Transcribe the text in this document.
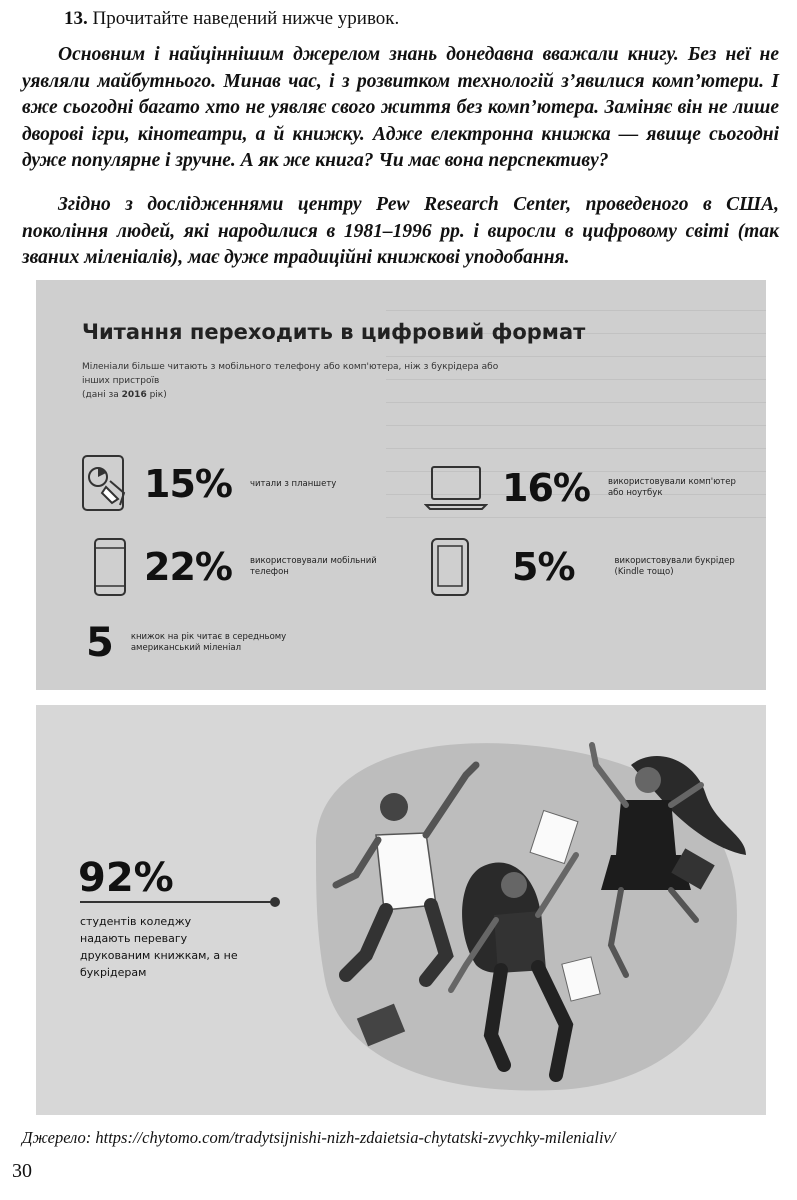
13. Прочитайте наведений нижче уривок.

Основним і найціннішим джерелом знань донедавна вважали книгу. Без неї не уявляли майбутнього. Минав час, і з розвитком технологій з’явилися комп’ютери. І вже сьогодні багато хто не уявляє свого життя без комп’ютера. Заміняє він не лише дворові ігри, кінотеатри, а й книжку. Адже електронна книжка — явище сьогодні дуже популярне і зручне. А як же книга? Чи має вона перспективу?

Згідно з дослідженнями центру Pew Research Center, проведеного в США, покоління людей, які народилися в 1981–1996 рр. і виросли в цифровому світі (так званих міленіалів), має дуже традиційні книжкові уподобання.

Читання переходить в цифровий формат

Міленіали більше читають з мобільного телефону або комп'ютера, ніж з букрідера або інших пристроїв
(дані за 2016 рік)

15% читали з планшету	16% використовували комп'ютер або ноутбук
22% використовували мобільний телефон	5%	використовували букрідер (Kindle тощо)
5 книжок на рік читає в середньому американський міленіал

92%

студентів коледжу надають перевагу друкованим книжкам, а не букрідерам

Джерело: https://chytomo.com/tradytsijnishi-nizh-zdaietsia-chytatski-zvychky-milenialiv/

30
